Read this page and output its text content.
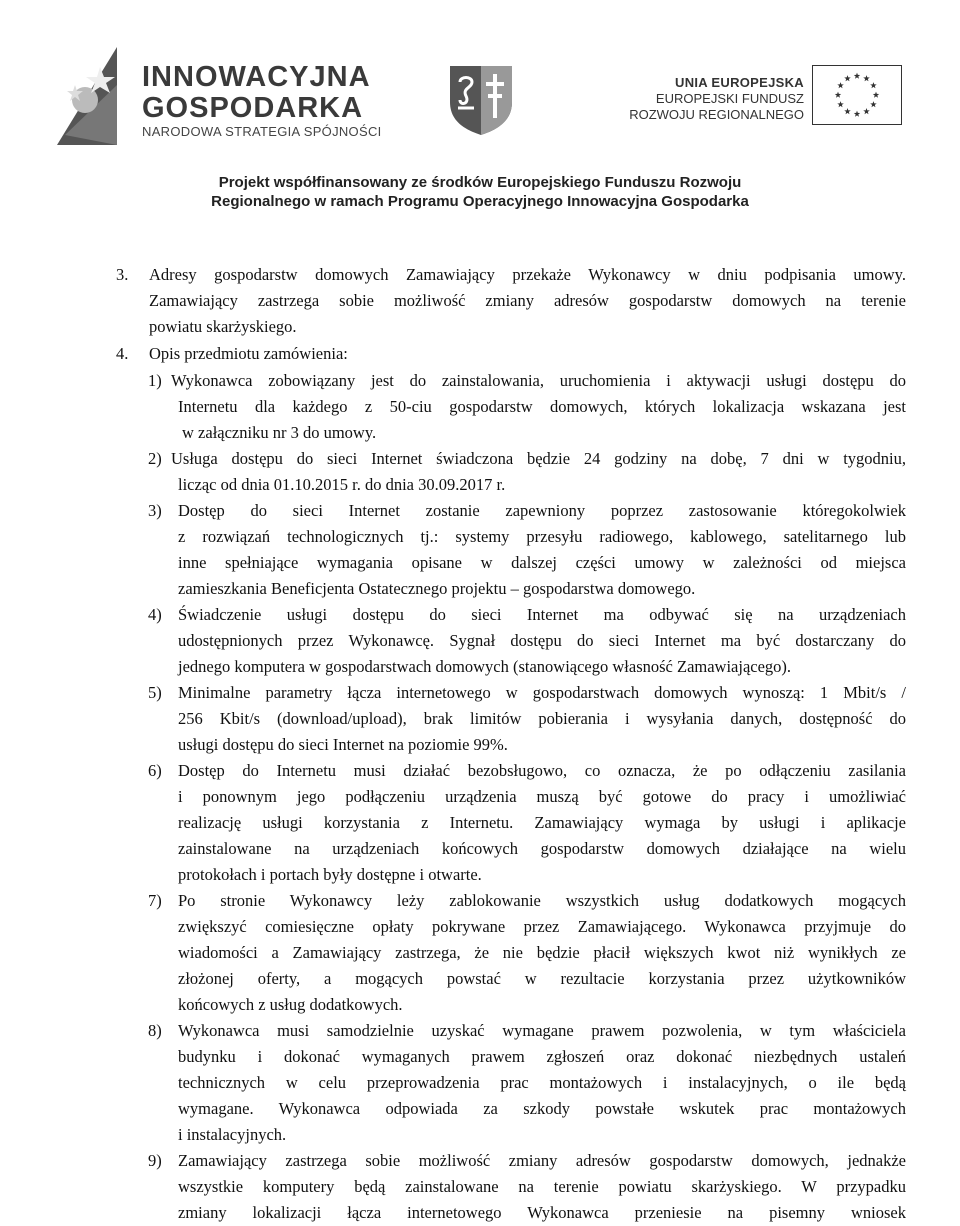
INNOWACYJNA
GOSPODARKA
NARODOWA STRATEGIA SPÓJNOŚCI
UNIA EUROPEJSKA
EUROPEJSKI FUNDUSZ
ROZWOJU REGIONALNEGO
Projekt współfinansowany ze środków Europejskiego Funduszu Rozwoju
Regionalnego w ramach Programu Operacyjnego Innowacyjna Gospodarka
3. Adresy gospodarstw domowych Zamawiający przekaże Wykonawcy w dniu podpisania umowy.

Zamawiający zastrzega sobie możliwość zmiany adresów gospodarstw domowych na terenie

powiatu skarżyskiego.

4. Opis przedmiotu zamówienia:

1) Wykonawca zobowiązany jest do zainstalowania, uruchomienia i aktywacji usługi dostępu do

Internetu dla każdego z 50-ciu gospodarstw domowych, których lokalizacja wskazana jest

w załączniku nr 3 do umowy.

2) Usługa dostępu do sieci Internet świadczona będzie 24 godziny na dobę, 7 dni w tygodniu,

licząc od dnia 01.10.2015 r. do dnia 30.09.2017 r.

3) Dostęp do sieci Internet zostanie zapewniony poprzez zastosowanie któregokolwiek

z rozwiązań technologicznych tj.: systemy przesyłu radiowego, kablowego, satelitarnego lub

inne spełniające wymagania opisane w dalszej części umowy w zależności od miejsca

zamieszkania Beneficjenta Ostatecznego projektu – gospodarstwa domowego.

4) Świadczenie usługi dostępu do sieci Internet ma odbywać się na urządzeniach

udostępnionych przez Wykonawcę. Sygnał dostępu do sieci Internet ma być dostarczany do

jednego komputera w gospodarstwach domowych (stanowiącego własność Zamawiającego).

5) Minimalne parametry łącza internetowego w gospodarstwach domowych wynoszą: 1 Mbit/s /

256 Kbit/s (download/upload), brak limitów pobierania i wysyłania danych, dostępność do

usługi dostępu do sieci Internet na poziomie 99%.

6) Dostęp do Internetu musi działać bezobsługowo, co oznacza, że po odłączeniu zasilania

i ponownym jego podłączeniu urządzenia muszą być gotowe do pracy i umożliwiać

realizację usługi korzystania z Internetu. Zamawiający wymaga by usługi i aplikacje

zainstalowane na urządzeniach końcowych gospodarstw domowych działające na wielu

protokołach i portach były dostępne i otwarte.

7) Po stronie Wykonawcy leży zablokowanie wszystkich usług dodatkowych mogących

zwiększyć comiesięczne opłaty pokrywane przez Zamawiającego. Wykonawca przyjmuje do

wiadomości a Zamawiający zastrzega, że nie będzie płacił większych kwot niż wynikłych ze

złożonej oferty, a mogących powstać w rezultacie korzystania przez użytkowników

końcowych z usług dodatkowych.

8) Wykonawca musi samodzielnie uzyskać wymagane prawem pozwolenia, w tym właściciela

budynku i dokonać wymaganych prawem zgłoszeń oraz dokonać niezbędnych ustaleń

technicznych w celu przeprowadzenia prac montażowych i instalacyjnych, o ile będą

wymagane. Wykonawca odpowiada za szkody powstałe wskutek prac montażowych

i instalacyjnych.

9) Zamawiający zastrzega sobie możliwość zmiany adresów gospodarstw domowych, jednakże

wszystkie komputery będą zainstalowane na terenie powiatu skarżyskiego. W przypadku

zmiany lokalizacji łącza internetowego Wykonawca przeniesie na pisemny wniosek
